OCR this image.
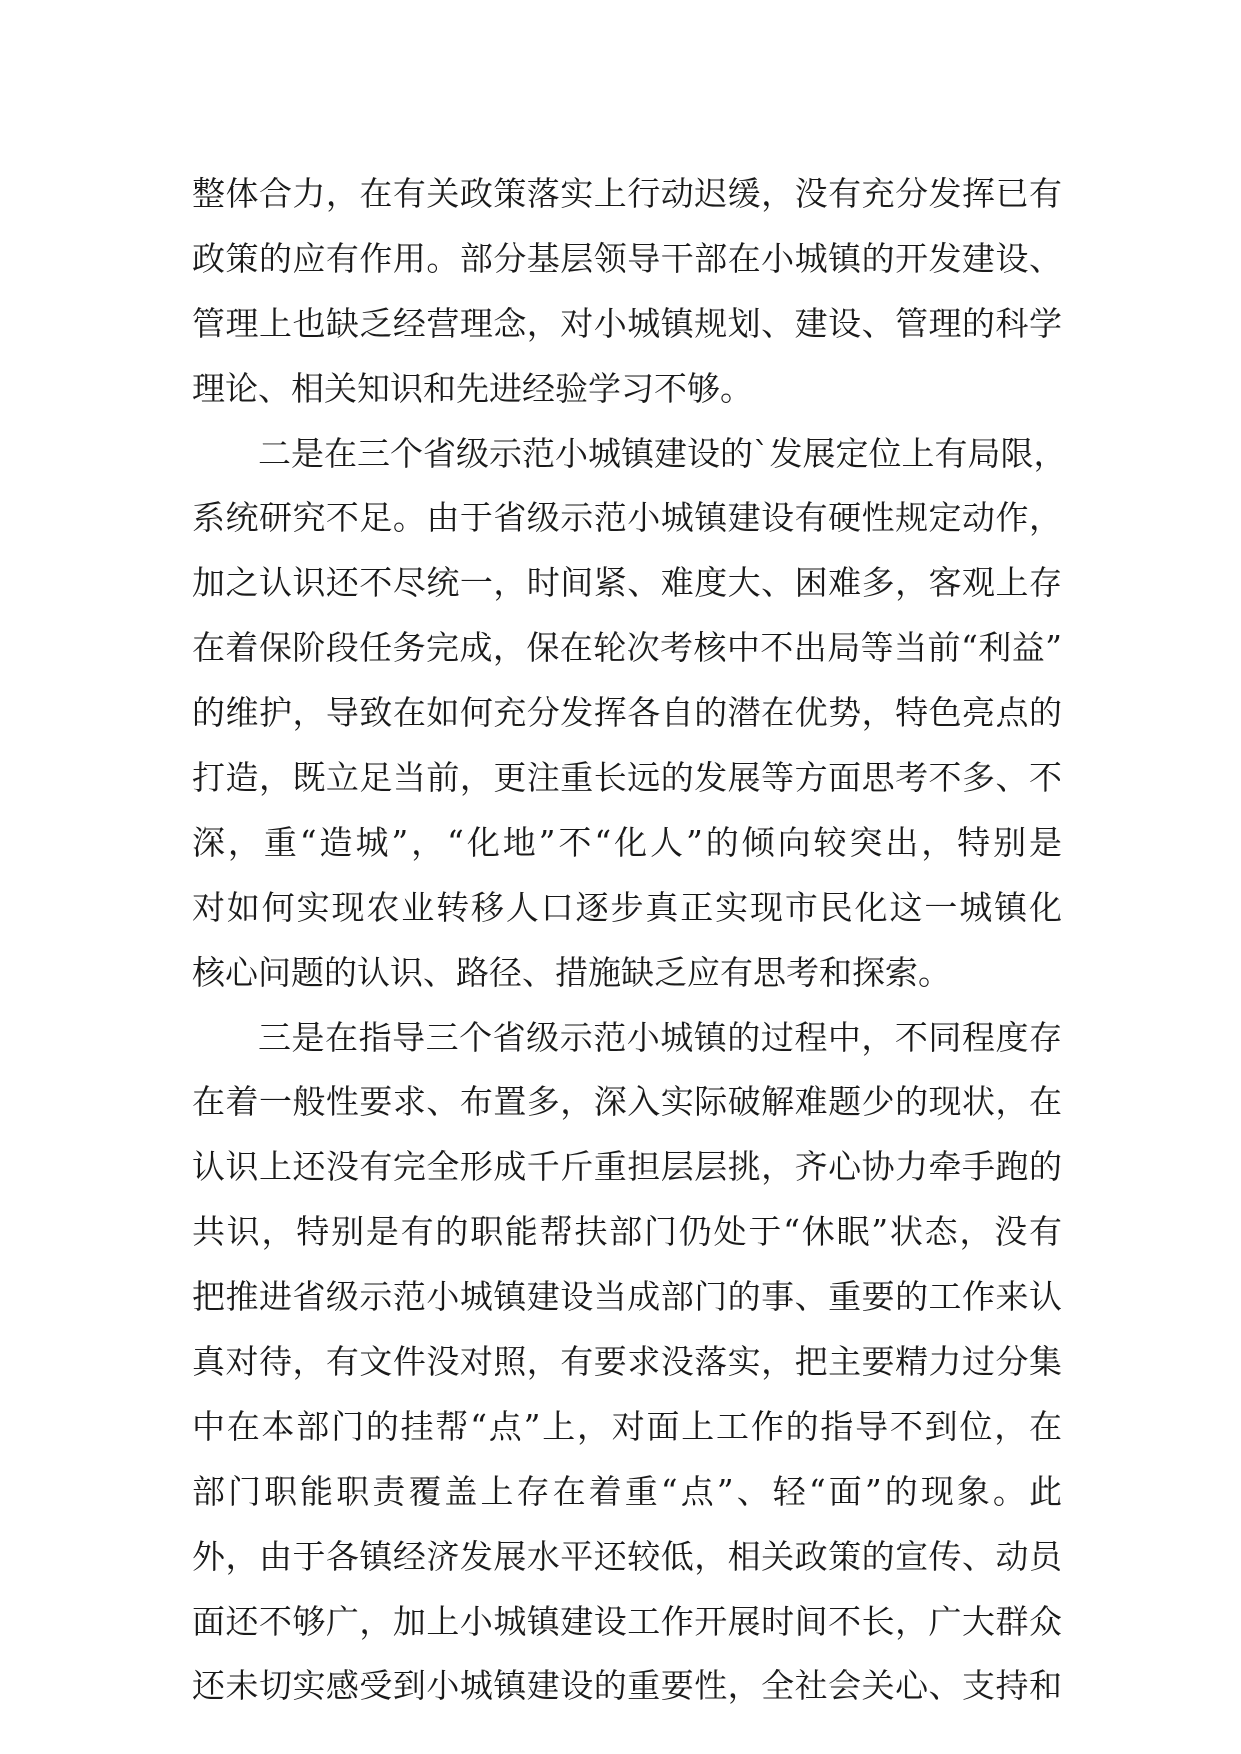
整体合力，在有关政策落实上行动迟缓，没有充分发挥已有
政策的应有作用。部分基层领导干部在小城镇的开发建设、
管理上也缺乏经营理念，对小城镇规划、建设、管理的科学
理论、相关知识和先进经验学习不够。
二是在三个省级示范小城镇建设的`发展定位上有局限，
系统研究不足。由于省级示范小城镇建设有硬性规定动作，
加之认识还不尽统一，时间紧、难度大、困难多，客观上存
在着保阶段任务完成，保在轮次考核中不出局等当前“利益”
的维护，导致在如何充分发挥各自的潜在优势，特色亮点的
打造，既立足当前，更注重长远的发展等方面思考不多、不
深，重“造城”，“化地”不“化人”的倾向较突出，特别是
对如何实现农业转移人口逐步真正实现市民化这一城镇化
核心问题的认识、路径、措施缺乏应有思考和探索。
三是在指导三个省级示范小城镇的过程中，不同程度存
在着一般性要求、布置多，深入实际破解难题少的现状，在
认识上还没有完全形成千斤重担层层挑，齐心协力牵手跑的
共识，特别是有的职能帮扶部门仍处于“休眠”状态，没有
把推进省级示范小城镇建设当成部门的事、重要的工作来认
真对待，有文件没对照，有要求没落实，把主要精力过分集
中在本部门的挂帮“点”上，对面上工作的指导不到位，在
部门职能职责覆盖上存在着重“点”、轻“面”的现象。此
外，由于各镇经济发展水平还较低，相关政策的宣传、动员
面还不够广，加上小城镇建设工作开展时间不长，广大群众
还未切实感受到小城镇建设的重要性，全社会关心、支持和
